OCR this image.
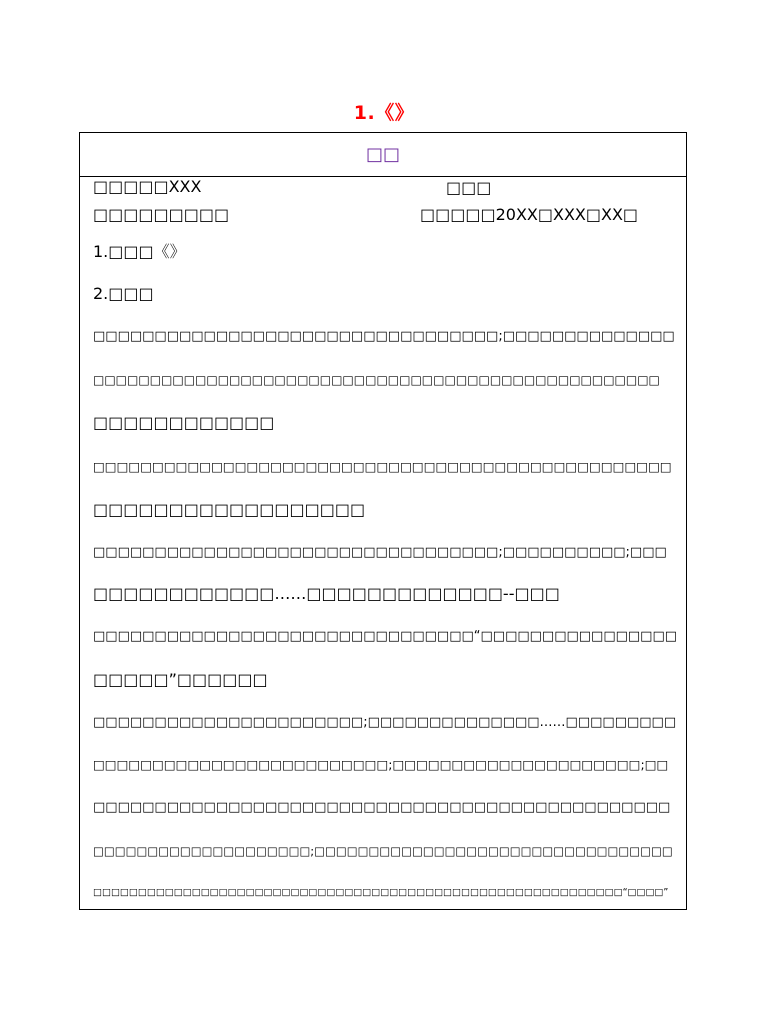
1.《》
□□
□□□□□XXX	□□□
□□□□□□□□□	□□□□□20XX□XXX□XX□
1.□□□《》
2.□□□
□□□□□□□□□□□□□□□□□□□□□□□□□□□□□□□□□;□□□□□□□□□□□□□□
□□□□□□□□□□□□□□□□□□□□□□□□□□□□□□□□□□□□□□□□□□□□□□□□□□
□□□□□□□□□□□□
□□□□□□□□□□□□□□□□□□□□□□□□□□□□□□□□□□□□□□□□□□□□□□□□□
□□□□□□□□□□□□□□□□□□
□□□□□□□□□□□□□□□□□□□□□□□□□□□□□□□□□;□□□□□□□□□□;□□□
□□□□□□□□□□□□……□□□□□□□□□□□□□--□□□
□□□□□□□□□□□□□□□□□□□□□□□□□□□□□□□“□□□□□□□□□□□□□□□□
□□□□□”□□□□□□
□□□□□□□□□□□□□□□□□□□□□□;□□□□□□□□□□□□□□……□□□□□□□□□
□□□□□□□□□□□□□□□□□□□□□□□□□;□□□□□□□□□□□□□□□□□□□□□;□□
□□□□□□□□□□□□□□□□□□□□□□□□□□□□□□□□□□□□□□□□□□□□□□□
□□□□□□□□□□□□□□□□□□□□;□□□□□□□□□□□□□□□□□□□□□□□□□□□□□□□□□
□□□□□□□□□□□□□□□□□□□□□□□□□□□□□□□□□□□□□□□□□□□□□□□□□□□□□□□□□□□“□□□□”
